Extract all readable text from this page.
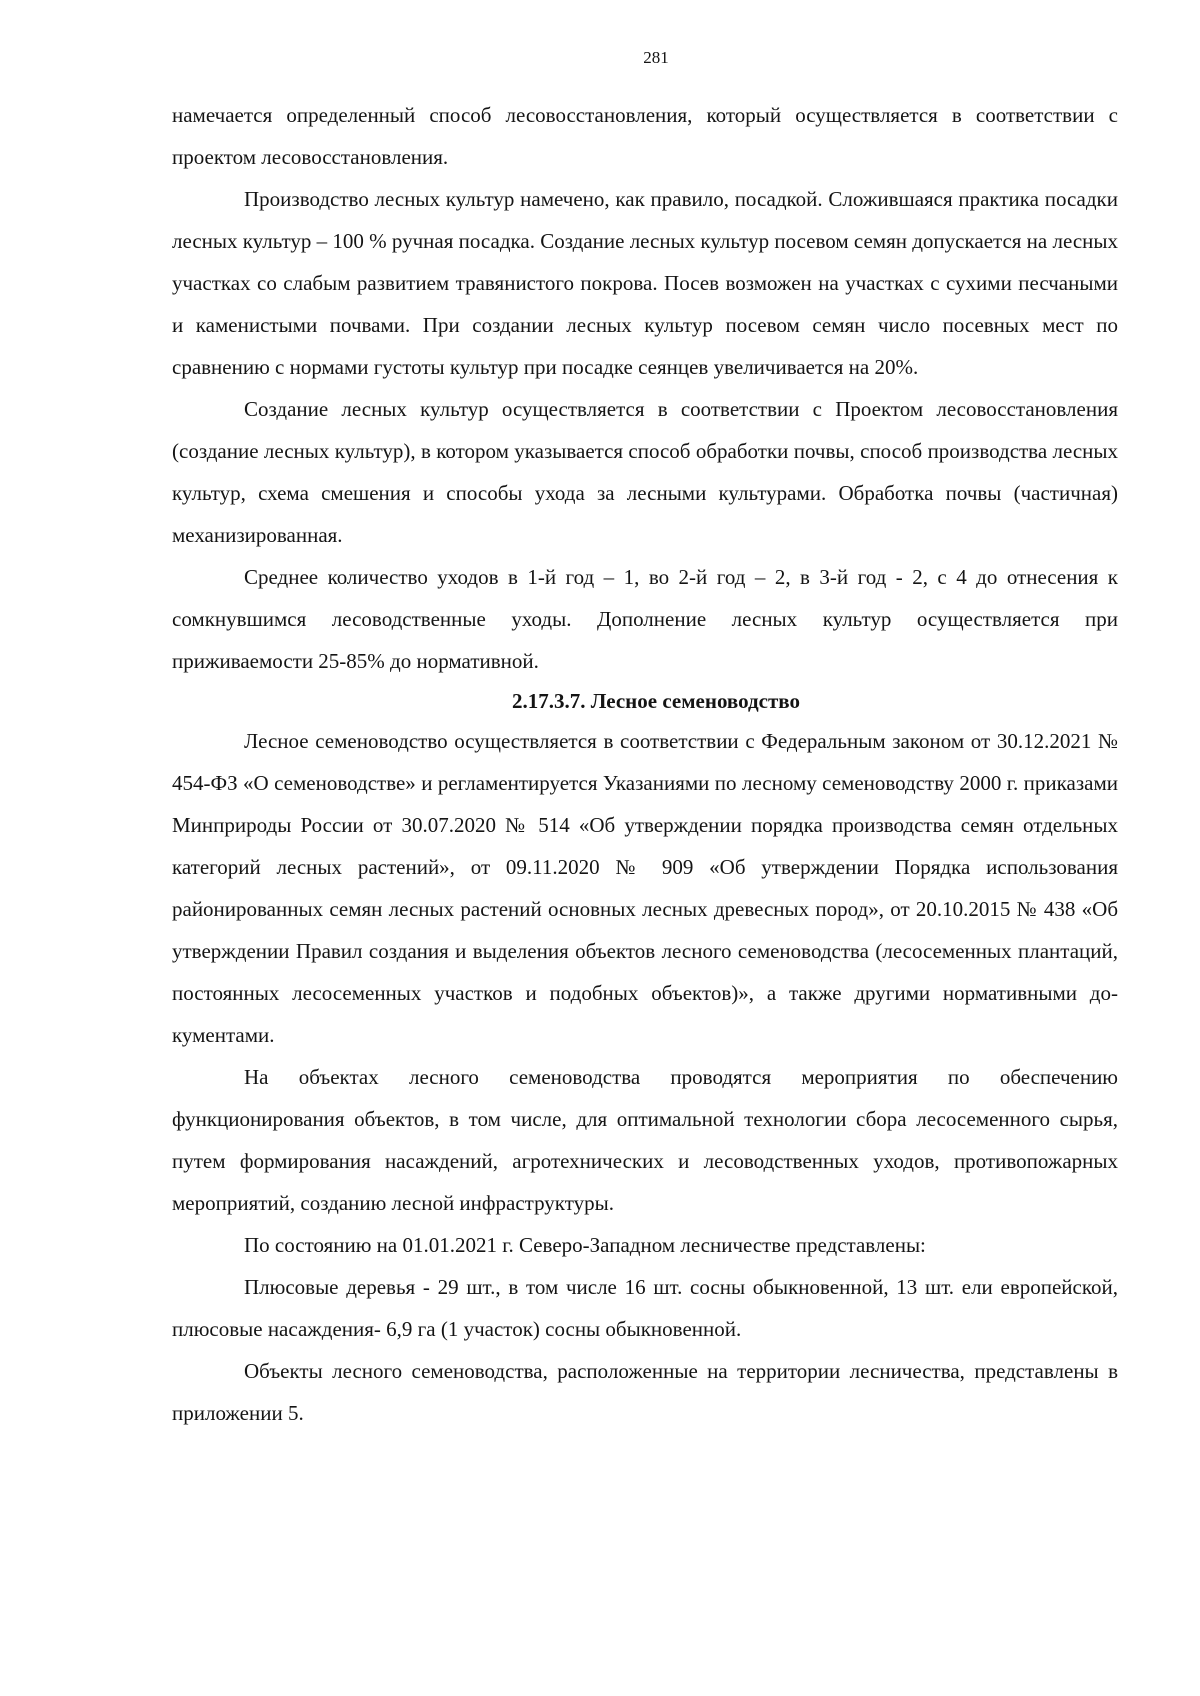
281

намечается определенный способ лесовосстановления, который осуществляется в соответствии с проектом лесовосстановления.

Производство лесных культур намечено, как правило, посадкой. Сложившаяся практика посадки лесных культур – 100 % ручная посадка. Создание лесных культур посевом семян допускается на лесных участках со слабым развитием травянистого покрова. Посев возможен на участках с сухими песчаными и каменистыми почвами. При создании лесных культур посевом семян число посевных мест по сравнению с нормами густоты культур при посадке сеянцев увеличивается на 20%.

Создание лесных культур осуществляется в соответствии с Проектом лесовосстановления (создание лесных культур), в котором указывается способ обработки почвы, способ производства лесных культур, схема смешения и способы ухода за лесными культурами. Обработка почвы (частичная) механизированная.

Среднее количество уходов в 1-й год – 1, во 2-й год – 2, в 3-й год - 2, с 4 до отнесения к сомкнувшимся лесоводственные уходы. Дополнение лесных культур осуществляется при приживаемости 25-85% до нормативной.

2.17.3.7. Лесное семеноводство

Лесное семеноводство осуществляется в соответствии с Федеральным законом от 30.12.2021 № 454-ФЗ «О семеноводстве» и регламентируется Указаниями по лесному семеноводству 2000 г. приказами Минприроды России от 30.07.2020 № 514 «Об утверждении порядка производства семян отдельных категорий лесных растений», от 09.11.2020 № 909 «Об утверждении Порядка использования районированных семян лесных растений основных лесных древесных пород», от 20.10.2015 № 438 «Об утверждении Правил создания и выделения объектов лесного семеноводства (лесосеменных плантаций, постоянных лесосеменных участков и подобных объектов)», а также другими нормативными документами.

На объектах лесного семеноводства проводятся мероприятия по обеспечению функционирования объектов, в том числе, для оптимальной технологии сбора лесосеменного сырья, путем формирования насаждений, агротехнических и лесоводственных уходов, противопожарных мероприятий, созданию лесной инфраструктуры.

По состоянию на 01.01.2021 г. Северо-Западном лесничестве представлены:

Плюсовые деревья - 29 шт., в том числе 16 шт. сосны обыкновенной, 13 шт. ели европейской, плюсовые насаждения- 6,9 га (1 участок) сосны обыкновенной.

Объекты лесного семеноводства, расположенные на территории лесничества, представлены в приложении 5.
